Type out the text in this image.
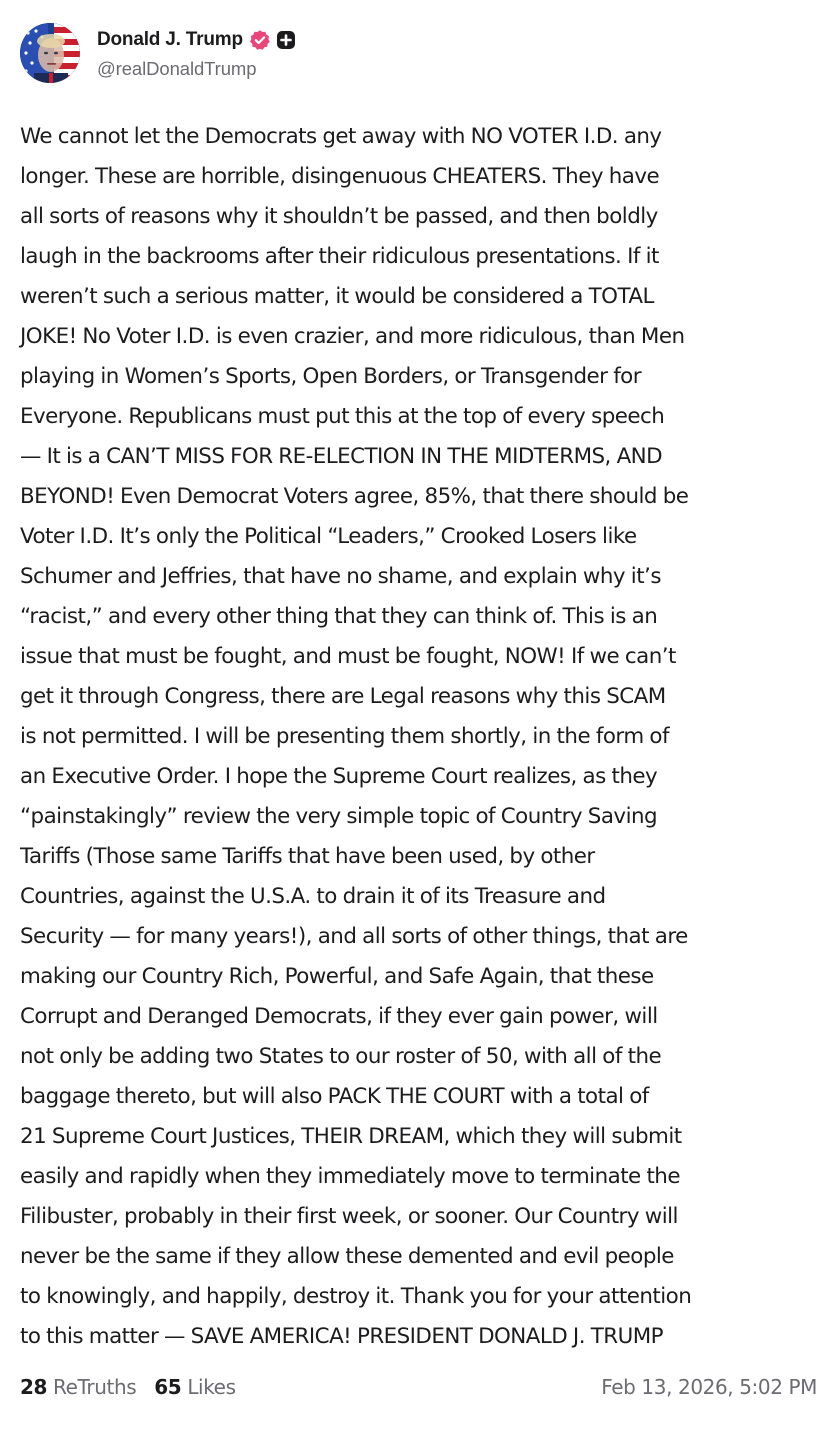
Donald J. Trump
@realDonaldTrump

We cannot let the Democrats get away with NO VOTER I.D. any
longer. These are horrible, disingenuous CHEATERS. They have
all sorts of reasons why it shouldn’t be passed, and then boldly
laugh in the backrooms after their ridiculous presentations. If it
weren’t such a serious matter, it would be considered a TOTAL
JOKE! No Voter I.D. is even crazier, and more ridiculous, than Men
playing in Women’s Sports, Open Borders, or Transgender for
Everyone. Republicans must put this at the top of every speech
— It is a CAN’T MISS FOR RE-ELECTION IN THE MIDTERMS, AND
BEYOND! Even Democrat Voters agree, 85%, that there should be
Voter I.D. It’s only the Political “Leaders,” Crooked Losers like
Schumer and Jeffries, that have no shame, and explain why it’s
“racist,” and every other thing that they can think of. This is an
issue that must be fought, and must be fought, NOW! If we can’t
get it through Congress, there are Legal reasons why this SCAM
is not permitted. I will be presenting them shortly, in the form of
an Executive Order. I hope the Supreme Court realizes, as they
“painstakingly” review the very simple topic of Country Saving
Tariffs (Those same Tariffs that have been used, by other
Countries, against the U.S.A. to drain it of its Treasure and
Security — for many years!), and all sorts of other things, that are
making our Country Rich, Powerful, and Safe Again, that these
Corrupt and Deranged Democrats, if they ever gain power, will
not only be adding two States to our roster of 50, with all of the
baggage thereto, but will also PACK THE COURT with a total of
21 Supreme Court Justices, THEIR DREAM, which they will submit
easily and rapidly when they immediately move to terminate the
Filibuster, probably in their first week, or sooner. Our Country will
never be the same if they allow these demented and evil people
to knowingly, and happily, destroy it. Thank you for your attention
to this matter — SAVE AMERICA! PRESIDENT DONALD J. TRUMP

28 ReTruths 65 Likes	Feb 13, 2026, 5:02 PM
